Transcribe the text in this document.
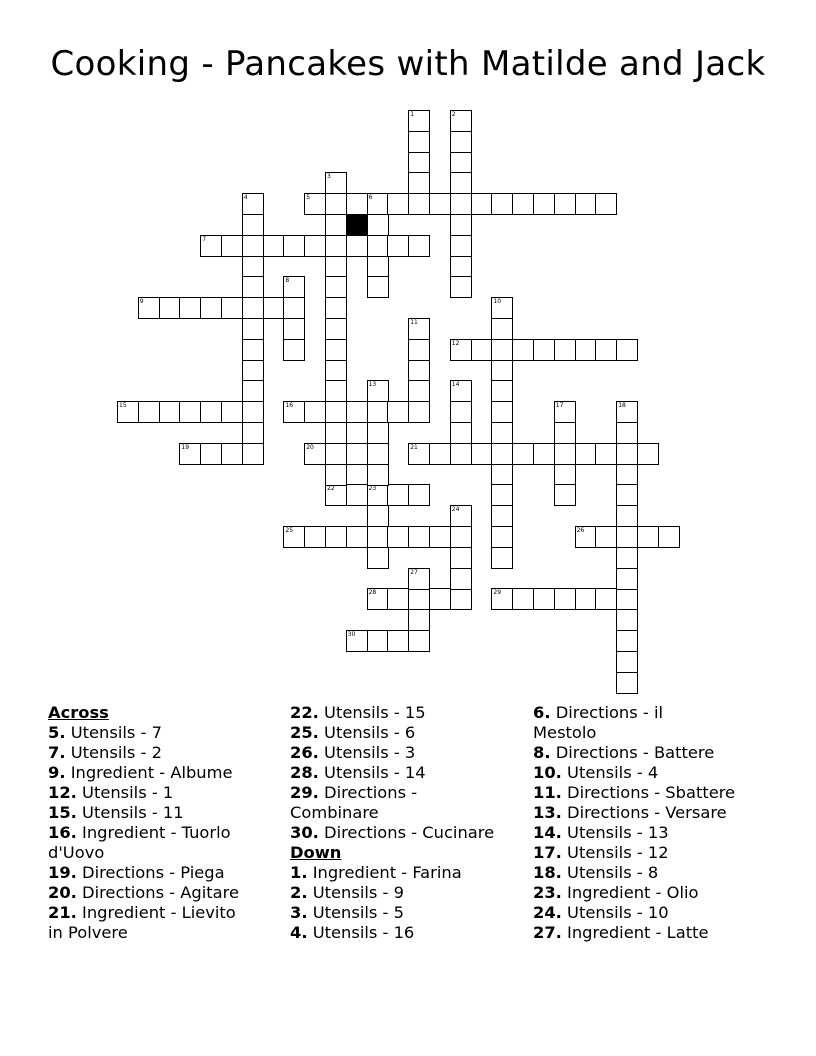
Cooking - Pancakes with Matilde and Jack
1	2
3
4	5	6
7
8
9	10
11
12
13	14
15	16	17	18
19	20	21
22	23
24
25	26
27
28	29
30
Across
5. Utensils - 7
7. Utensils - 2
9. Ingredient - Albume
12. Utensils - 1
15. Utensils - 11
16. Ingredient - Tuorlo
d'Uovo
19. Directions - Piega
20. Directions - Agitare
21. Ingredient - Lievito
in Polvere
22. Utensils - 15
25. Utensils - 6
26. Utensils - 3
28. Utensils - 14
29. Directions -
Combinare
30. Directions - Cucinare
Down
1. Ingredient - Farina
2. Utensils - 9
3. Utensils - 5
4. Utensils - 16
6. Directions - il
Mestolo
8. Directions - Battere
10. Utensils - 4
11. Directions - Sbattere
13. Directions - Versare
14. Utensils - 13
17. Utensils - 12
18. Utensils - 8
23. Ingredient - Olio
24. Utensils - 10
27. Ingredient - Latte
